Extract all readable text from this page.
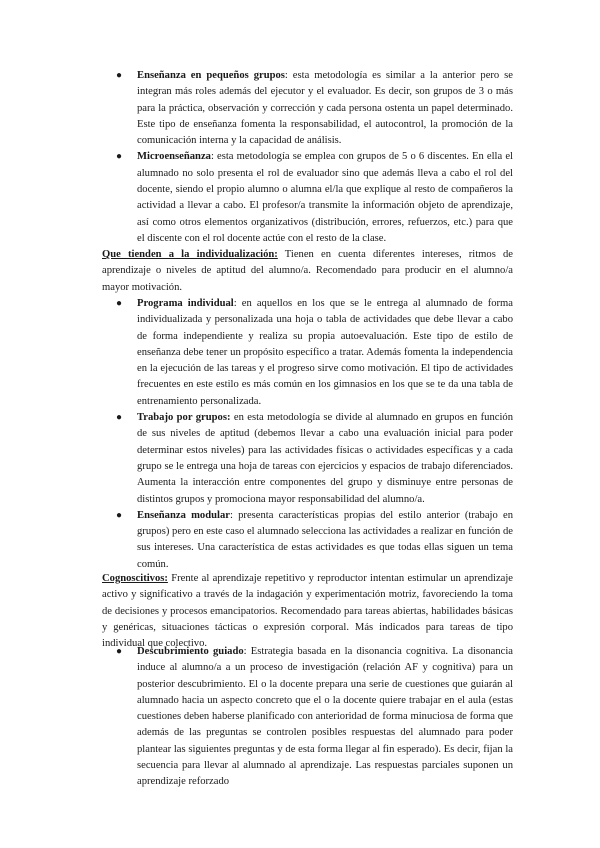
● Enseñanza en pequeños grupos: esta metodología es similar a la anterior pero se integran más roles además del ejecutor y el evaluador. Es decir, son grupos de 3 o más para la práctica, observación y corrección y cada persona ostenta un papel determinado. Este tipo de enseñanza fomenta la responsabilidad, el autocontrol, la promoción de la comunicación interna y la capacidad de análisis.
● Microenseñanza: esta metodología se emplea con grupos de 5 o 6 discentes. En ella el alumnado no solo presenta el rol de evaluador sino que además lleva a cabo el rol del docente, siendo el propio alumno o alumna el/la que explique al resto de compañeros la actividad a llevar a cabo. El profesor/a transmite la información objeto de aprendizaje, así como otros elementos organizativos (distribución, errores, refuerzos, etc.) para que el discente con el rol docente actúe con el resto de la clase.

Que tienden a la individualización: Tienen en cuenta diferentes intereses, ritmos de aprendizaje o niveles de aptitud del alumno/a. Recomendado para producir en el alumno/a mayor motivación.

● Programa individual: en aquellos en los que se le entrega al alumnado de forma individualizada y personalizada una hoja o tabla de actividades que debe llevar a cabo de forma independiente y realiza su propia autoevaluación. Este tipo de estilo de enseñanza debe tener un propósito específico a tratar. Además fomenta la independencia en la ejecución de las tareas y el progreso sirve como motivación. El tipo de actividades frecuentes en este estilo es más común en los gimnasios en los que se te da una tabla de entrenamiento personalizada.
● Trabajo por grupos: en esta metodología se divide al alumnado en grupos en función de sus niveles de aptitud (debemos llevar a cabo una evaluación inicial para poder determinar estos niveles) para las actividades físicas o actividades específicas y a cada grupo se le entrega una hoja de tareas con ejercicios y espacios de trabajo diferenciados. Aumenta la interacción entre componentes del grupo y disminuye entre personas de distintos grupos y promociona mayor responsabilidad del alumno/a.
● Enseñanza modular: presenta características propias del estilo anterior (trabajo en grupos) pero en este caso el alumnado selecciona las actividades a realizar en función de sus intereses. Una característica de estas actividades es que todas ellas siguen un tema común.

Cognoscitivos: Frente al aprendizaje repetitivo y reproductor intentan estimular un aprendizaje activo y significativo a través de la indagación y experimentación motriz, favoreciendo la toma de decisiones y procesos emancipatorios. Recomendado para tareas abiertas, habilidades básicas y genéricas, situaciones tácticas o expresión corporal. Más indicados para tareas de tipo individual que colectivo.

● Descubrimiento guiado: Estrategia basada en la disonancia cognitiva. La disonancia induce al alumno/a a un proceso de investigación (relación AF y cognitiva) para un posterior descubrimiento. El o la docente prepara una serie de cuestiones que guiarán al alumnado hacia un aspecto concreto que el o la docente quiere trabajar en el aula (estas cuestiones deben haberse planificado con anterioridad de forma minuciosa de forma que además de las preguntas se controlen posibles respuestas del alumnado para poder plantear las siguientes preguntas y de esta forma llegar al fin esperado). Es decir, fijan la secuencia para llevar al alumnado al aprendizaje. Las respuestas parciales suponen un aprendizaje reforzado
